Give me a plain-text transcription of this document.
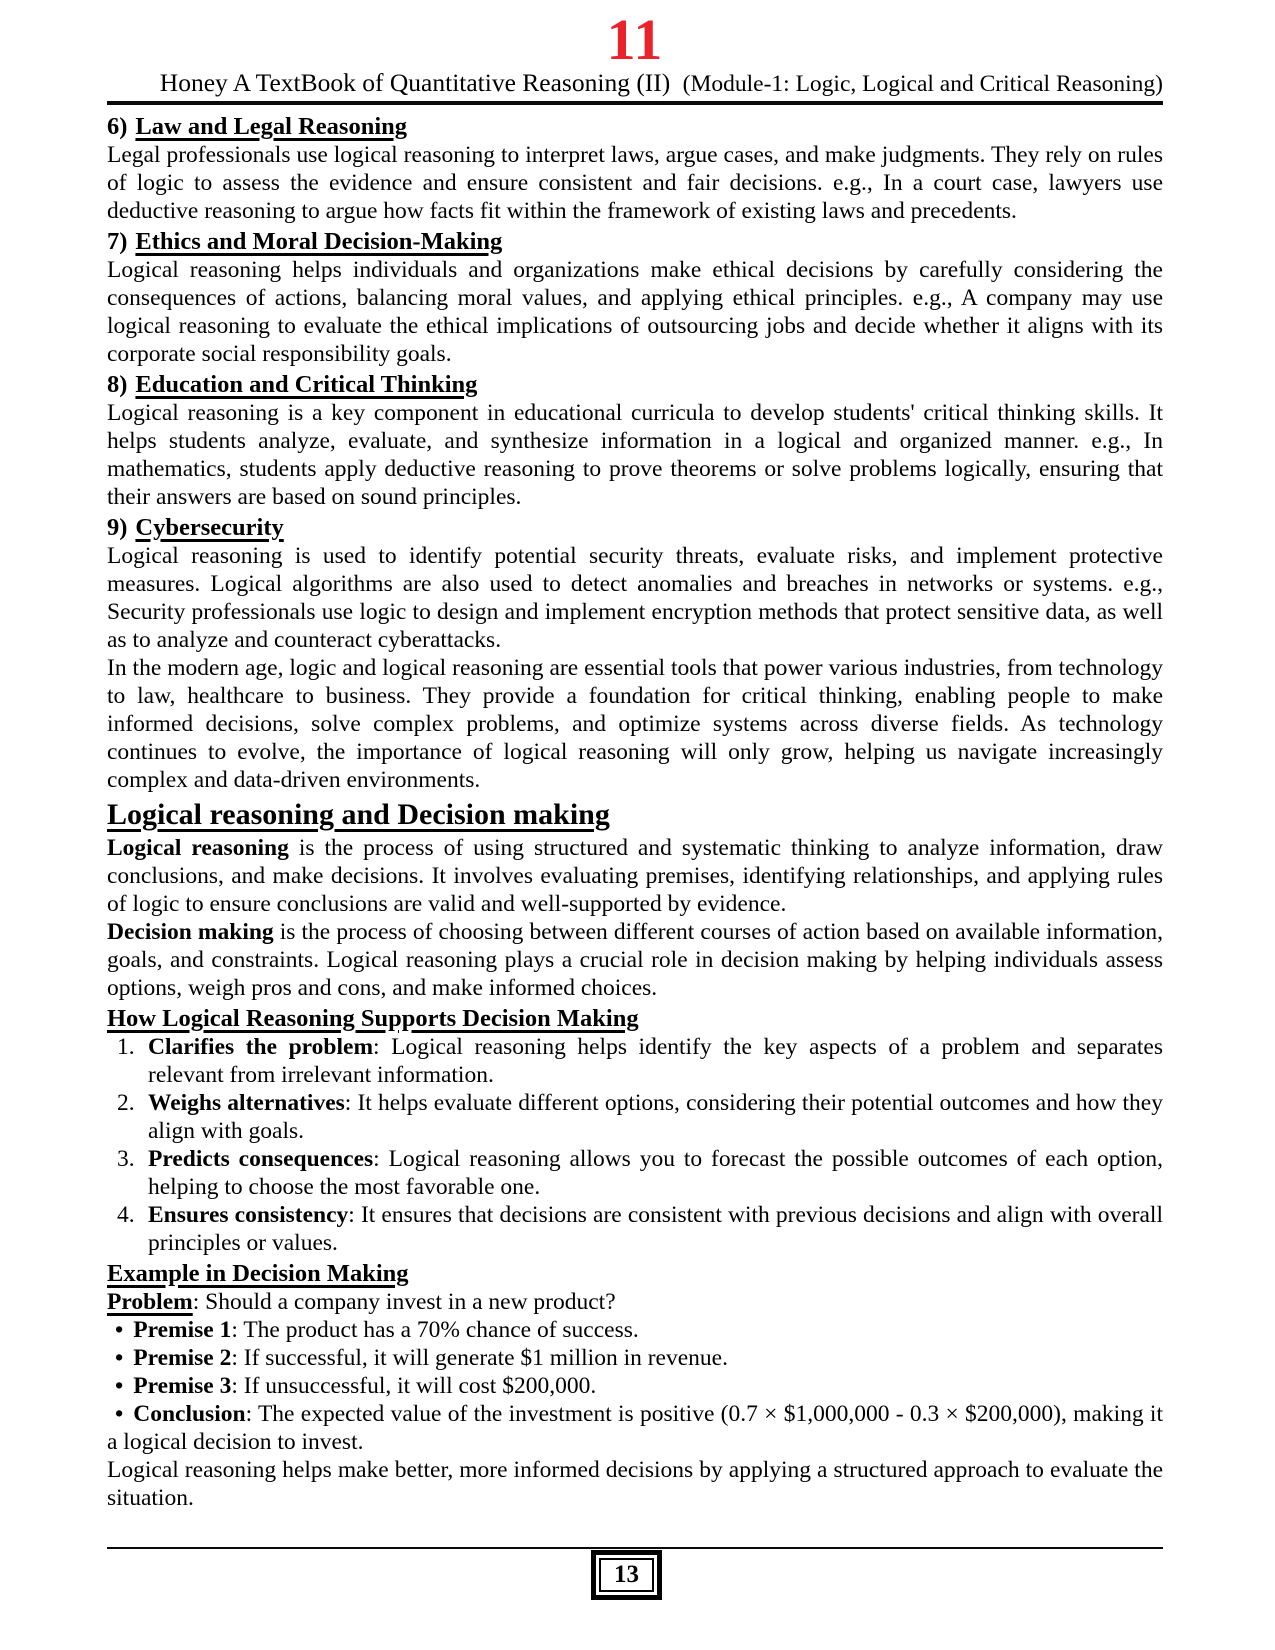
11
Honey A TextBook of Quantitative Reasoning (II) (Module-1: Logic, Logical and Critical Reasoning)
6) Law and Legal Reasoning

Legal professionals use logical reasoning to interpret laws, argue cases, and make judgments. They rely on rules of logic to assess the evidence and ensure consistent and fair decisions. e.g., In a court case, lawyers use deductive reasoning to argue how facts fit within the framework of existing laws and precedents.

7) Ethics and Moral Decision-Making

Logical reasoning helps individuals and organizations make ethical decisions by carefully considering the consequences of actions, balancing moral values, and applying ethical principles. e.g., A company may use logical reasoning to evaluate the ethical implications of outsourcing jobs and decide whether it aligns with its corporate social responsibility goals.

8) Education and Critical Thinking

Logical reasoning is a key component in educational curricula to develop students' critical thinking skills. It helps students analyze, evaluate, and synthesize information in a logical and organized manner. e.g., In mathematics, students apply deductive reasoning to prove theorems or solve problems logically, ensuring that their answers are based on sound principles.

9) Cybersecurity

Logical reasoning is used to identify potential security threats, evaluate risks, and implement protective measures. Logical algorithms are also used to detect anomalies and breaches in networks or systems. e.g., Security professionals use logic to design and implement encryption methods that protect sensitive data, as well as to analyze and counteract cyberattacks.

In the modern age, logic and logical reasoning are essential tools that power various industries, from technology to law, healthcare to business. They provide a foundation for critical thinking, enabling people to make informed decisions, solve complex problems, and optimize systems across diverse fields. As technology continues to evolve, the importance of logical reasoning will only grow, helping us navigate increasingly complex and data-driven environments.

Logical reasoning and Decision making

Logical reasoning is the process of using structured and systematic thinking to analyze information, draw conclusions, and make decisions. It involves evaluating premises, identifying relationships, and applying rules of logic to ensure conclusions are valid and well-supported by evidence.

Decision making is the process of choosing between different courses of action based on available information, goals, and constraints. Logical reasoning plays a crucial role in decision making by helping individuals assess options, weigh pros and cons, and make informed choices.

How Logical Reasoning Supports Decision Making
1. Clarifies the problem: Logical reasoning helps identify the key aspects of a problem and separates relevant from irrelevant information.
2. Weighs alternatives: It helps evaluate different options, considering their potential outcomes and how they align with goals.
3. Predicts consequences: Logical reasoning allows you to forecast the possible outcomes of each option, helping to choose the most favorable one.
4. Ensures consistency: It ensures that decisions are consistent with previous decisions and align with overall principles or values.
Example in Decision Making

Problem: Should a company invest in a new product?

• Premise 1: The product has a 70% chance of success.

• Premise 2: If successful, it will generate $1 million in revenue.

• Premise 3: If unsuccessful, it will cost $200,000.

• Conclusion: The expected value of the investment is positive (0.7 × $1,000,000 - 0.3 × $200,000), making it a logical decision to invest.

Logical reasoning helps make better, more informed decisions by applying a structured approach to evaluate the situation.

13
